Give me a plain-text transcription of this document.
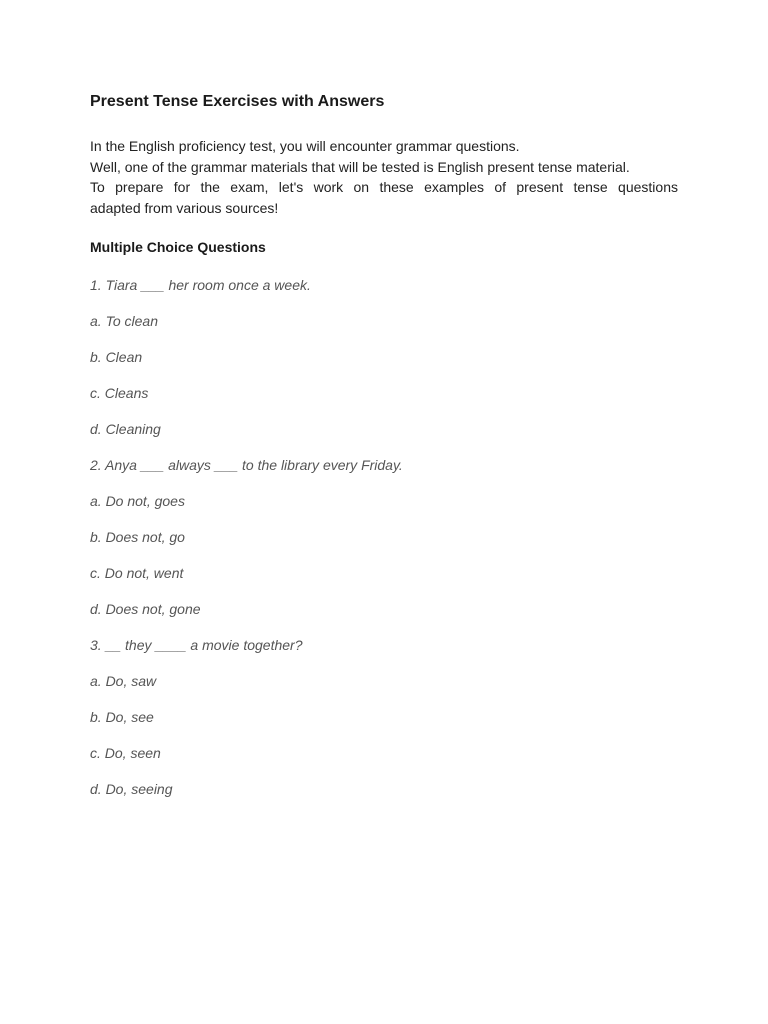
Present Tense Exercises with Answers

In the English proficiency test, you will encounter grammar questions.
Well, one of the grammar materials that will be tested is English present tense material.
To prepare for the exam, let's work on these examples of present tense questions
adapted from various sources!

Multiple Choice Questions
1. Tiara ___ her room once a week.
a. To clean
b. Clean
c. Cleans
d. Cleaning
2. Anya ___ always ___ to the library every Friday.
a. Do not, goes
b. Does not, go
c. Do not, went
d. Does not, gone
3. __ they ____ a movie together?
a. Do, saw
b. Do, see
c. Do, seen
d. Do, seeing
